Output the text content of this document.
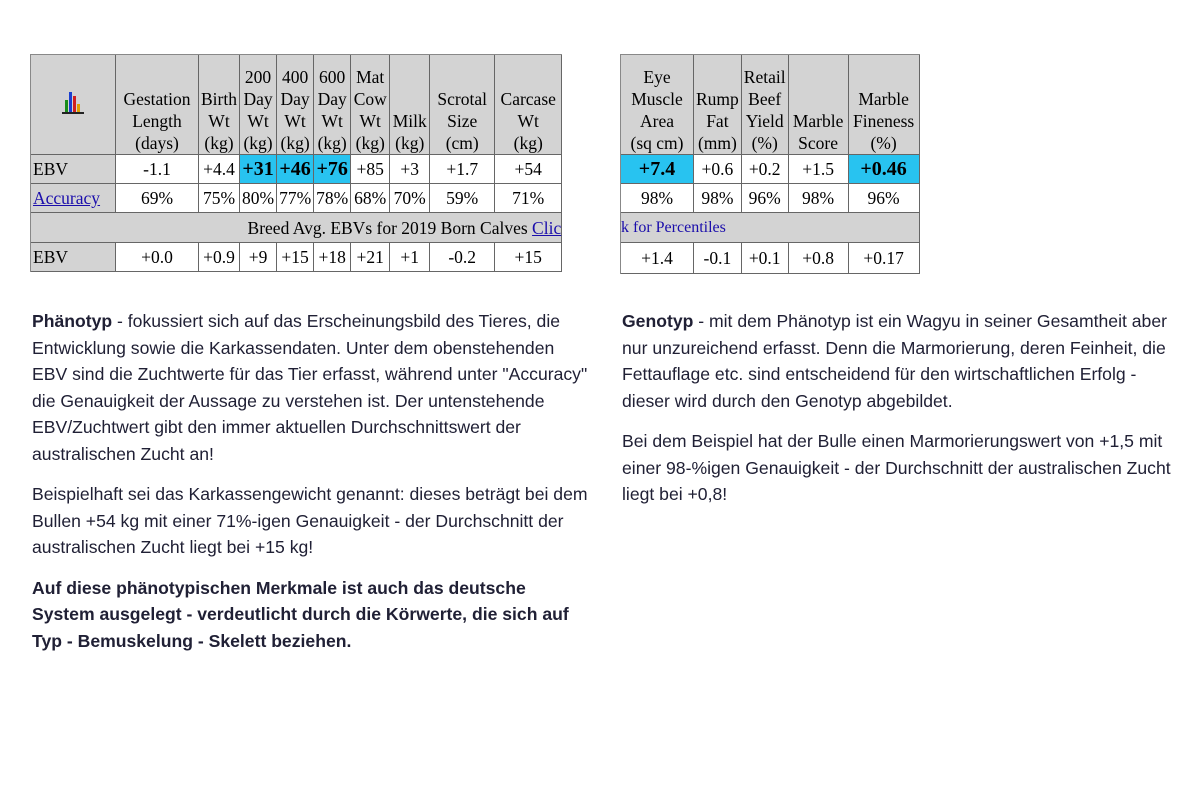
	Gestation
Length
(days)	Birth
Wt
(kg)	200
Day
Wt
(kg)	400
Day
Wt
(kg)	600
Day
Wt
(kg)	Mat
Cow
Wt
(kg)	Milk
(kg)	Scrotal
Size
(cm)	Carcase
Wt
(kg)
EBV	-1.1	+4.4	+31	+46	+76	+85	+3	+1.7	+54
Accuracy	69%	75%	80%	77%	78%	68%	70%	59%	71%
Breed Avg. EBVs for 2019 Born Calves Clic									
EBV	+0.0	+0.9	+9	+15	+18	+21	+1	-0.2	+15
Eye
Muscle
Area
(sq cm)	Rump
Fat
(mm)	Retail
Beef
Yield
(%)	Marble
Score	Marble
Fineness
(%)
+7.4	+0.6	+0.2	+1.5	+0.46
98%	98%	96%	98%	96%
k for Percentiles				
+1.4	-0.1	+0.1	+0.8	+0.17

Phänotyp - fokussiert sich auf das Erscheinungsbild des Tieres, die Entwicklung sowie die Karkassendaten. Unter dem obenstehenden EBV sind die Zuchtwerte für das Tier erfasst, während unter "Accuracy" die Genauigkeit der Aussage zu verstehen ist. Der untenstehende EBV/Zuchtwert gibt den immer aktuellen Durchschnittswert der australischen Zucht an!

Beispielhaft sei das Karkassengewicht genannt: dieses beträgt bei dem Bullen +54 kg mit einer 71%-igen Genauigkeit - der Durchschnitt der australischen Zucht liegt bei +15 kg!

Auf diese phänotypischen Merkmale ist auch das deutsche System ausgelegt - verdeutlicht durch die Körwerte, die sich auf Typ - Bemuskelung - Skelett beziehen.

Genotyp - mit dem Phänotyp ist ein Wagyu in seiner Gesamtheit aber nur unzureichend erfasst. Denn die Marmorierung, deren Feinheit, die Fettauflage etc. sind entscheidend für den wirtschaftlichen Erfolg - dieser wird durch den Genotyp abgebildet.

Bei dem Beispiel hat der Bulle einen Marmorierungswert von +1,5 mit einer 98-%igen Genauigkeit - der Durchschnitt der australischen Zucht liegt bei +0,8!
